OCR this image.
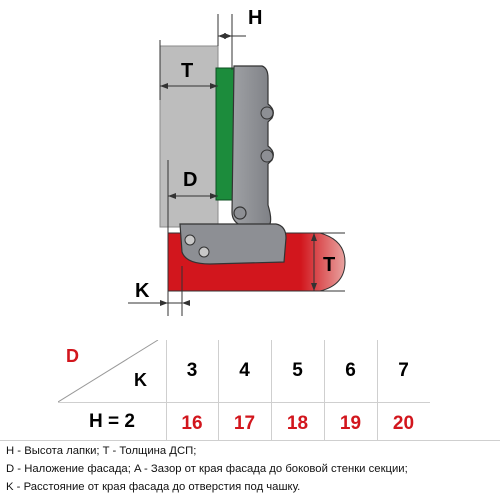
H
T
D
T
K
D
K	3	4	5	6	7
H = 2	16	17	18	19	20
H - Высота лапки; T - Толщина ДСП;
D - Наложение фасада; A - Зазор от края фасада до боковой стенки секции;
K - Расстояние от края фасада до отверстия под чашку.
